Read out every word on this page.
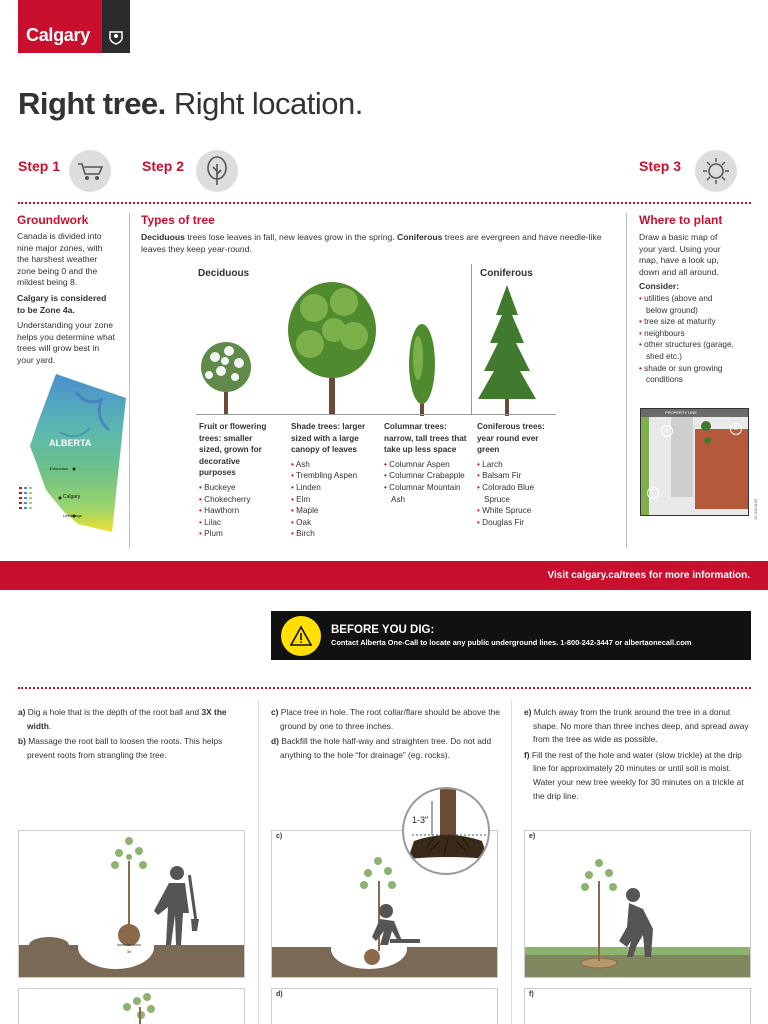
Calgary
Right tree. Right location.
Step 1	Step 2	Step 3
Groundwork

Canada is divided into nine major zones, with the harshest weather zone being 0 and the mildest being 8.

Calgary is considered to be Zone 4a.

Understanding your zone helps you determine what trees will grow best in your yard.

ALBERTA
Edmonton
Calgary
Lethbridge
Types of tree
Deciduous trees lose leaves in fall, new leaves grow in the spring. Coniferous trees are evergreen and have needle-like leaves they keep year-round.
Deciduous	Coniferous
Fruit or flowering trees: smaller sized, grown for decorative purposes
• Buckeye
• Chokecherry
• Hawthorn
• Lilac
• Plum
Shade trees: larger sized with a large canopy of leaves
• Ash
• Trembling Aspen
• Linden
• Elm
• Maple
• Oak
• Birch
Columnar trees: narrow, tall trees that take up less space
• Columnar Aspen
• Columnar Crabapple
• Columnar Mountain Ash
Coniferous trees: year round ever green
• Larch
• Balsam Fir
• Colorado Blue Spruce
• White Spruce
• Douglas Fir
Where to plant

Draw a basic map of your yard. Using your map, have a look up, down and all around.

Consider:

• utilities (above and below ground)
• tree size at maturity
• neighbours
• other structures (garage, shed etc.)
• shade or sun growing conditions
PROPERTY LINE
A	B
C
19-0463109
Visit calgary.ca/trees for more information.
BEFORE YOU DIG:
Contact Alberta One-Call to locate any public underground lines. 1-800-242-3447 or albertaonecall.com

a) Dig a hole that is the depth of the root ball and 3X the width.

b) Massage the root ball to loosen the roots. This helps prevent roots from strangling the tree.

c) Place tree in hole. The root collar/flare should be above the ground by one to three inches.

d) Backfill the hole half-way and straighten tree. Do not add anything to the hole “for drainage” (eg. rocks).

e) Mulch away from the trunk around the tree in a donut shape. No more than three inches deep, and spread away from the tree as wide as possible.

f) Fill the rest of the hole and water (slow trickle) at the drip line for approximately 20 minutes or until soil is moist. Water your new tree weekly for 30 minutes on a trickle at the drip line.

3x
c)
1-3"
e)
d)	f)
